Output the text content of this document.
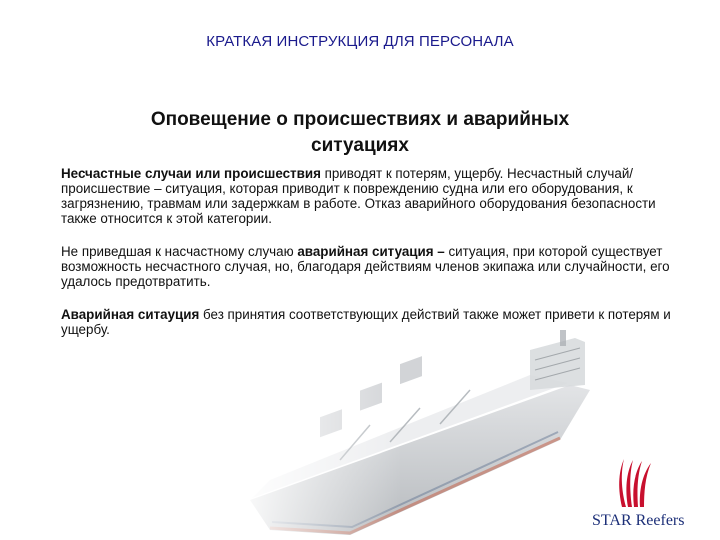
КРАТКАЯ ИНСТРУКЦИЯ ДЛЯ ПЕРСОНАЛА
Оповещение о происшествиях и аварийных
ситуациях
STAR Reefers

Несчастные случаи или происшествия приводят к потерям, ущербу. Несчастный случай/происшествие – ситуация, которая приводит к повреждению судна или его оборудования, к загрязнению, травмам или задержкам в работе. Отказ аварийного оборудования безопасности также относится к этой категории.

Не приведшая к насчастному случаю аварийная ситуация – ситуация, при которой существует возможность несчастного случая, но, благодаря действиям членов экипажа или случайности, его удалось предотвратить.

Аварийная ситауция без принятия соответствующих действий также может привети к потерям и ущербу.
